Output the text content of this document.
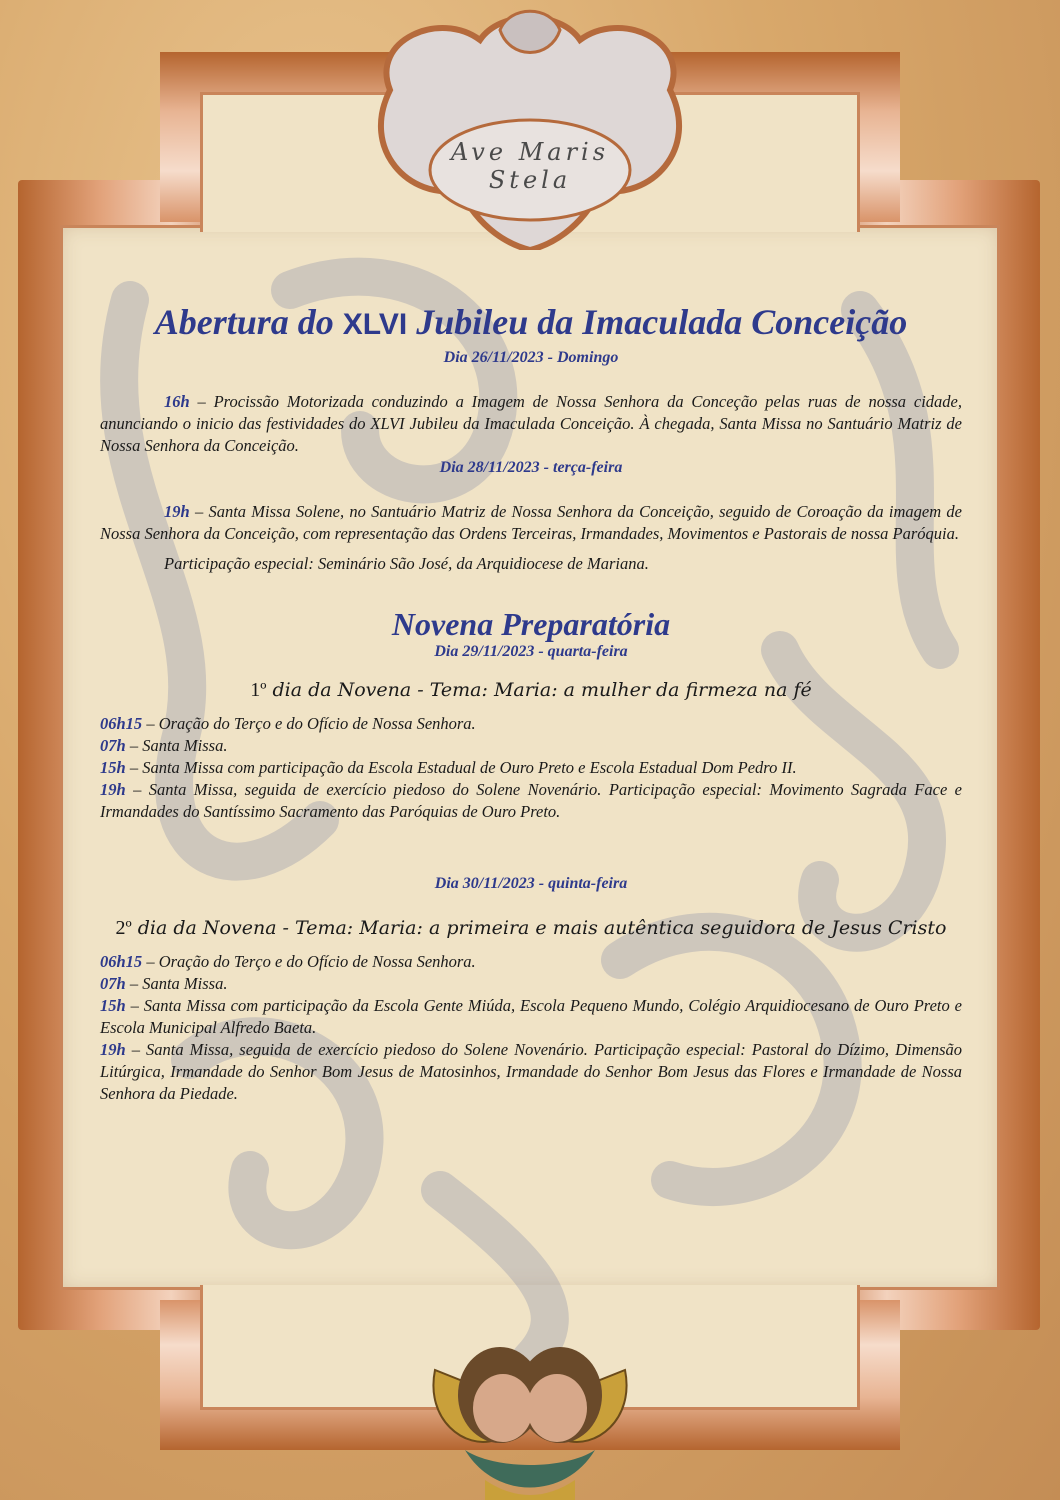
Ave Maris
Stela
Abertura do XLVI Jubileu da Imaculada Conceição

Dia 26/11/2023 - Domingo

16h – Procissão Motorizada conduzindo a Imagem de Nossa Senhora da Conceção pelas ruas de nossa cidade, anunciando o inicio das festividades do XLVI Jubileu da Imaculada Conceição. À chegada, Santa Missa no Santuário Matriz de Nossa Senhora da Conceição.

Dia 28/11/2023 - terça-feira

19h – Santa Missa Solene, no Santuário Matriz de Nossa Senhora da Conceição, seguido de Coroação da imagem de Nossa Senhora da Conceição, com representação das Ordens Terceiras, Irmandades, Movimentos e Pastorais de nossa Paróquia.

Participação especial: Seminário São José, da Arquidiocese de Mariana.

Novena Preparatória

Dia 29/11/2023 - quarta-feira

1º dia da Novena - Tema: Maria: a mulher da firmeza na fé

06h15 – Oração do Terço e do Ofício de Nossa Senhora.

07h – Santa Missa.

15h – Santa Missa com participação da Escola Estadual de Ouro Preto e Escola Estadual Dom Pedro II.

19h – Santa Missa, seguida de exercício piedoso do Solene Novenário. Participação especial: Movimento Sagrada Face e Irmandades do Santíssimo Sacramento das Paróquias de Ouro Preto.

Dia 30/11/2023 - quinta-feira

2º dia da Novena - Tema: Maria: a primeira e mais autêntica seguidora de Jesus Cristo

06h15 – Oração do Terço e do Ofício de Nossa Senhora.

07h – Santa Missa.

15h – Santa Missa com participação da Escola Gente Miúda, Escola Pequeno Mundo, Colégio Arquidiocesano de Ouro Preto e Escola Municipal Alfredo Baeta.

19h – Santa Missa, seguida de exercício piedoso do Solene Novenário. Participação especial: Pastoral do Dízimo, Dimensão Litúrgica, Irmandade do Senhor Bom Jesus de Matosinhos, Irmandade do Senhor Bom Jesus das Flores e Irmandade de Nossa Senhora da Piedade.
